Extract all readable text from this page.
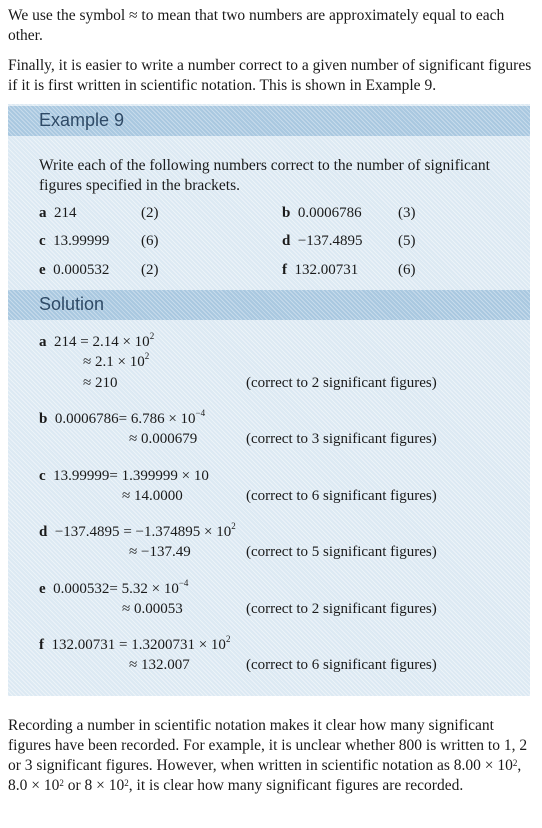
We use the symbol ≈ to mean that two numbers are approximately equal to each other.

Finally, it is easier to write a number correct to a given number of significant figures if it is first written in scientific notation. This is shown in Example 9.

Example 9

Write each of the following numbers correct to the number of significant figures specified in the brackets.

a 214	(2)	b 0.0006786 (3)
c 13.99999 (6)	d −137.4895 (5)
e 0.000532 (2)	f 132.00731	(6)
Solution
a $214 = 2.14 \times 10^2$
≈ $2.1 \times 10^2$
≈ 210	(correct to 2 significant figures)
b $0.0006786= 6.786 \times 10^{-4}$
≈ 0.000679	(correct to 3 significant figures)
c 13.99999= 1.399999 × 10
≈ 14.0000	(correct to 6 significant figures)
$d -137.4895 = -1.374895 \times 10^2$
≈ −137.49	(correct to 5 significant figures)
e $0.000532= 5.32 \times 10^{-4}$
≈ 0.00053	(correct to 2 significant figures)
f $132.00731 = 1.3200731 \times 10^2$
≈ 132.007	(correct to 6 significant figures)

Recording a number in scientific notation makes it clear how many significant figures have been recorded. For example, it is unclear whether 800 is written to 1, 2 or 3 significant figures. However, when written in scientific notation as $8.00 \times 10^2$, $8.0 \times 10^2$ or $8 \times 10^2$, it is clear how many significant figures are recorded.
